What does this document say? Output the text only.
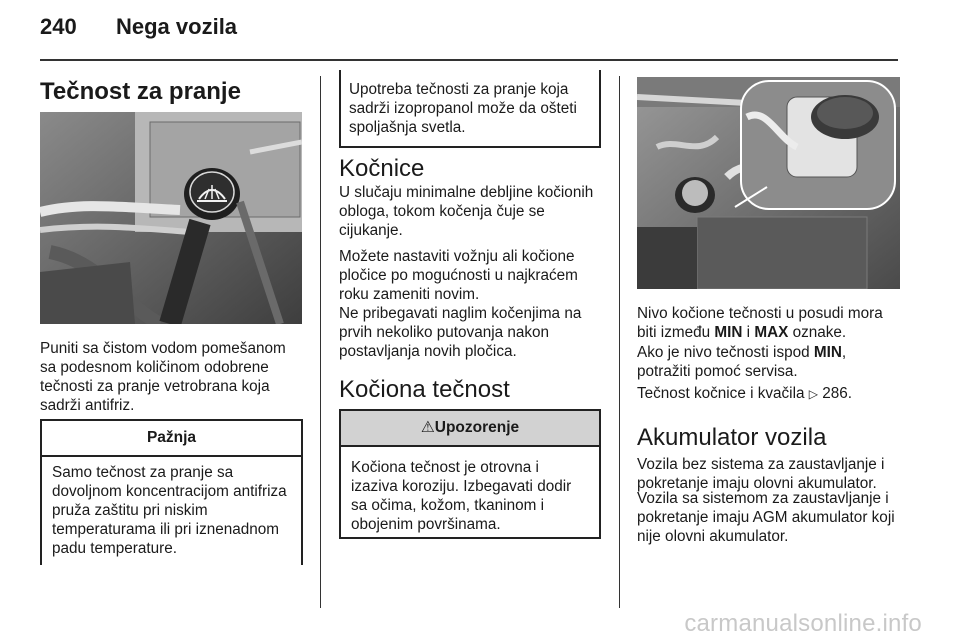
240 Nega vozila
Tečnost za pranje

Puniti sa čistom vodom pomešanom sa podesnom količinom odobrene tečnosti za pranje vetrobrana koja sadrži antifriz.

Pažnja
Samo tečnost za pranje sa dovoljnom koncentracijom antifriza pruža zaštitu pri niskim temperaturama ili pri iznenadnom padu temperature.
Upotreba tečnosti za pranje koja sadrži izopropanol može da ošteti spoljašnja svetla.
Kočnice

U slučaju minimalne debljine kočionih obloga, tokom kočenja čuje se cijukanje.

Možete nastaviti vožnju ali kočione pločice po mogućnosti u najkraćem roku zameniti novim.

Ne pribegavati naglim kočenjima na prvih nekoliko putovanja nakon postavljanja novih pločica.

Kočiona tečnost
⚠Upozorenje
Kočiona tečnost je otrovna i izaziva koroziju. Izbegavati dodir sa očima, kožom, tkaninom i obojenim površinama.

Nivo kočione tečnosti u posudi mora biti između MIN i MAX oznake.

Ako je nivo tečnosti ispod MIN, potražiti pomoć servisa.

Tečnost kočnice i kvačila ▷ 286.

Akumulator vozila

Vozila bez sistema za zaustavljanje i pokretanje imaju olovni akumulator.

Vozila sa sistemom za zaustavljanje i pokretanje imaju AGM akumulator koji nije olovni akumulator.

carmanualsonline.info
